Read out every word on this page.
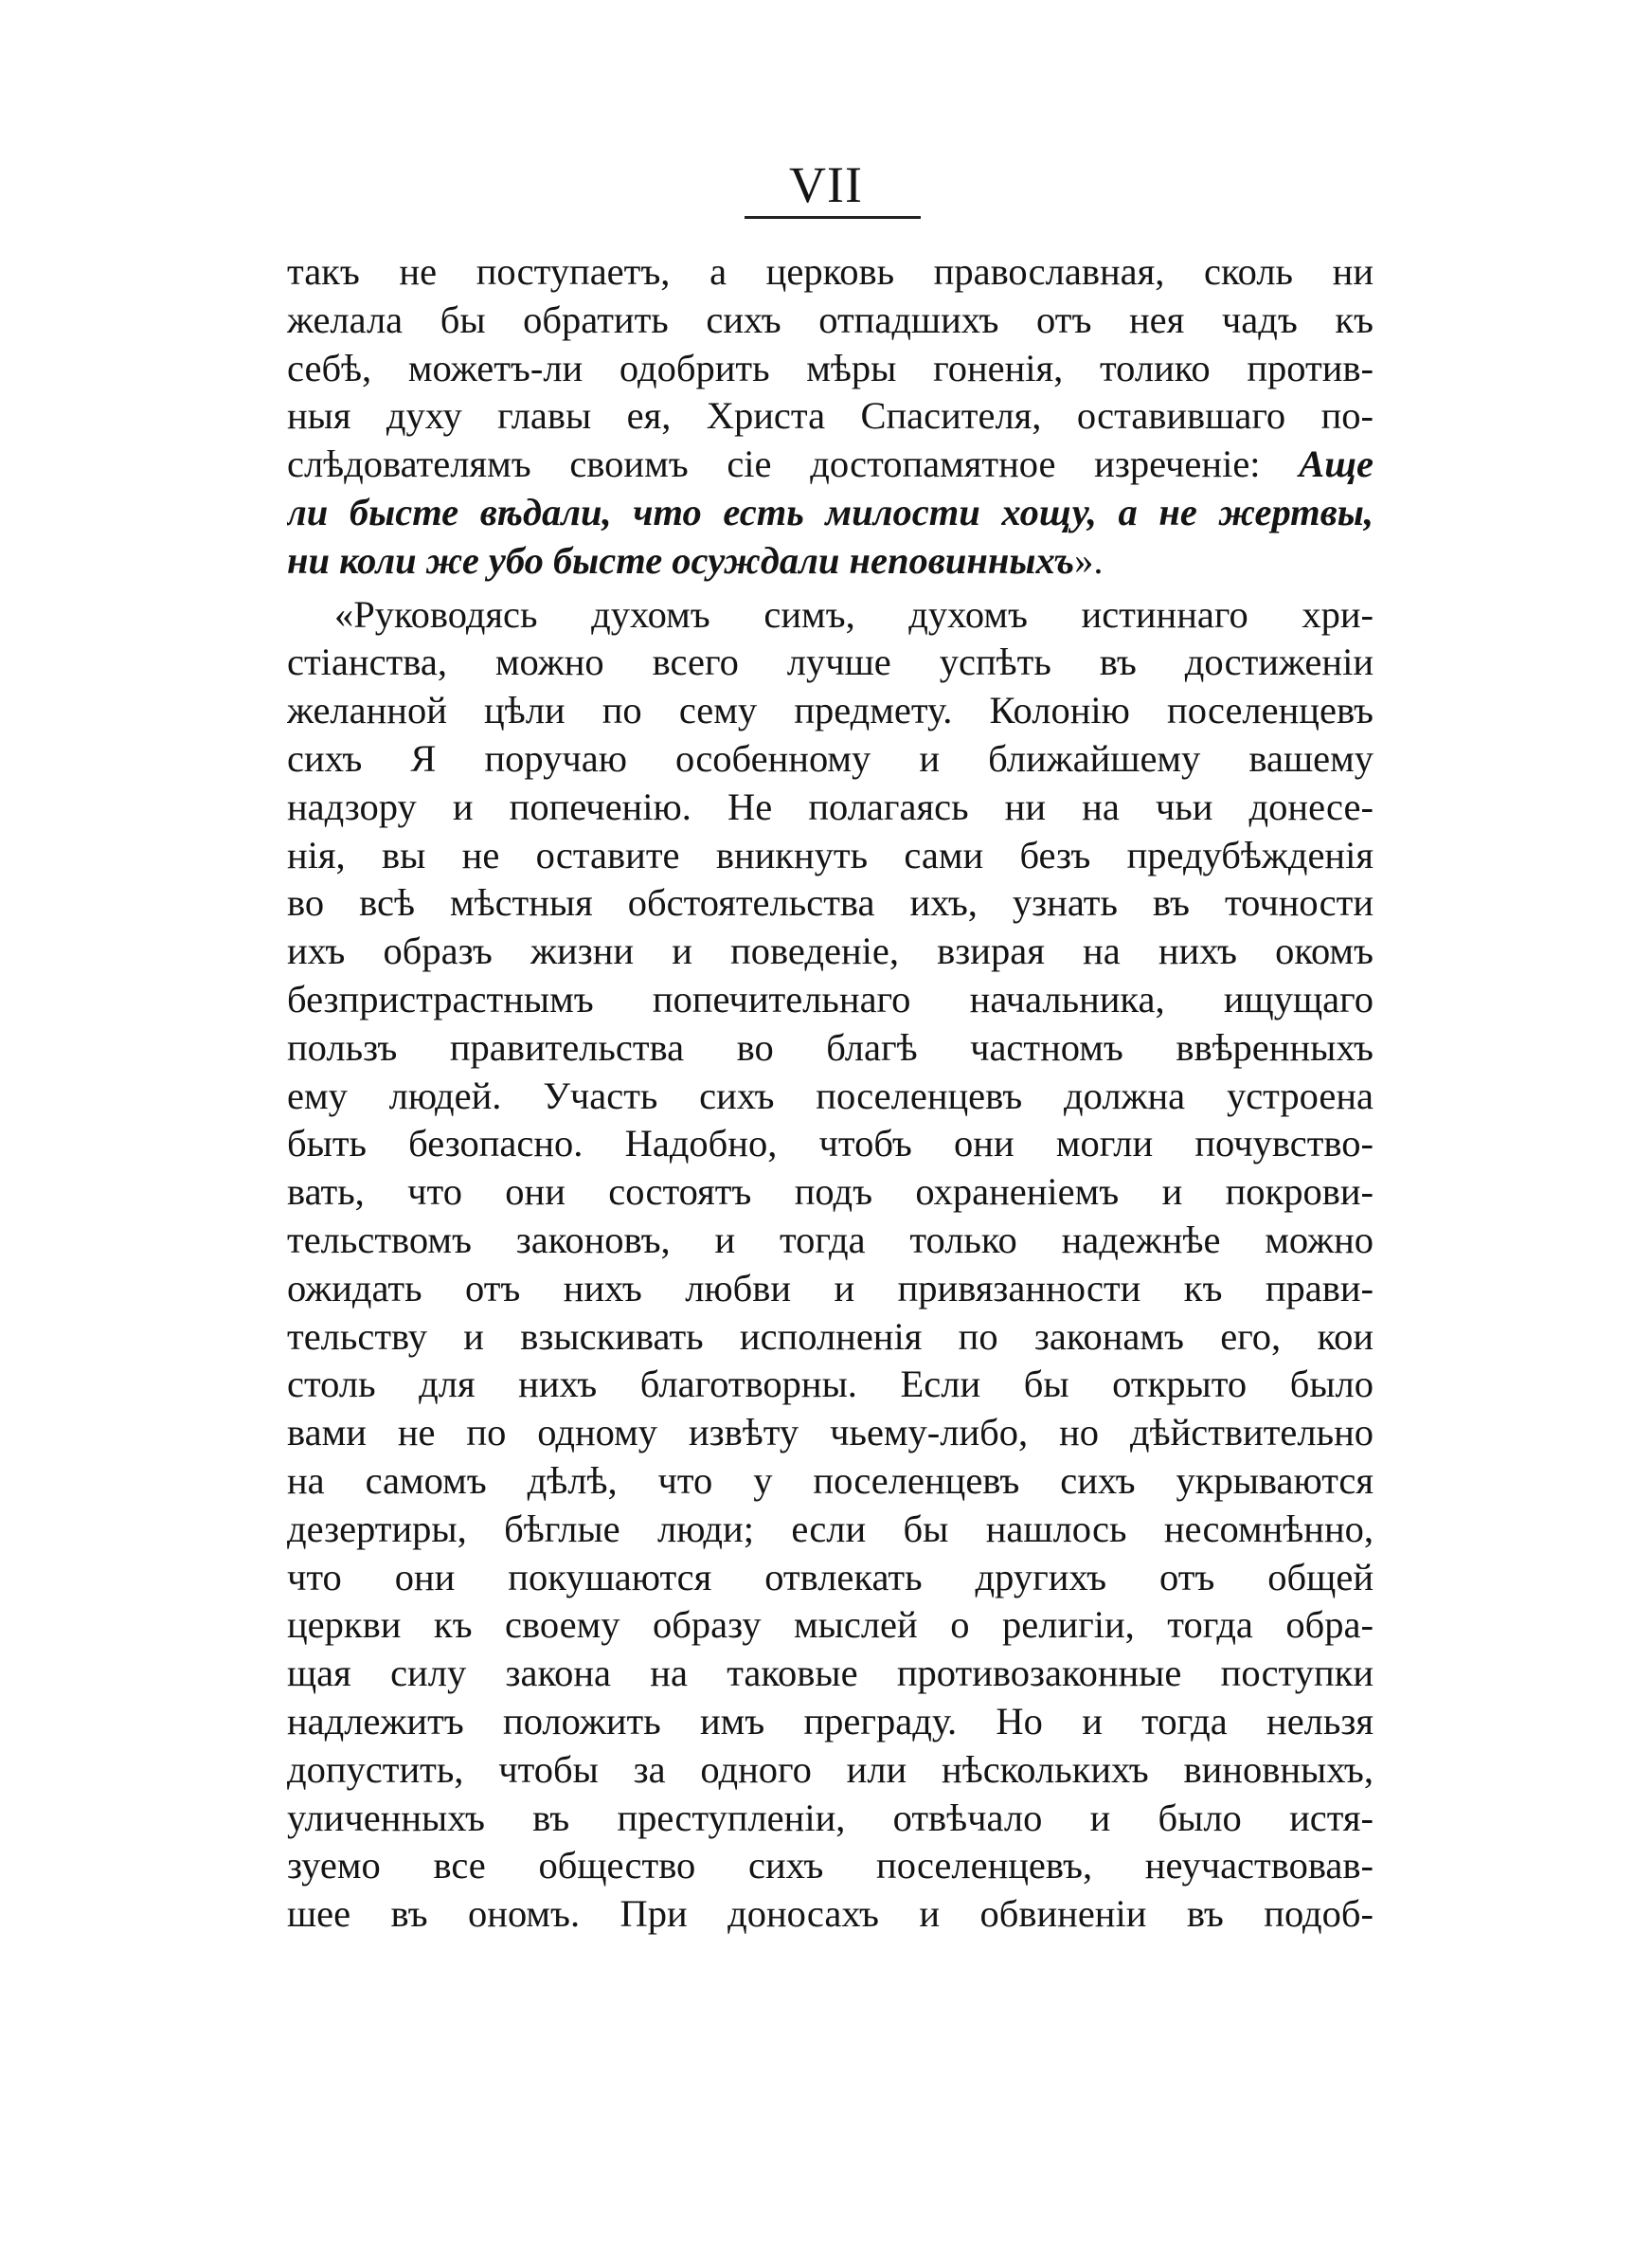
VII
такъ не поступаетъ, а церковь православная, сколь ни
желала бы обратить сихъ отпадшихъ отъ нея чадъ къ
себѣ, можетъ-ли одобрить мѣры гоненія, толико против-
ныя духу главы ея, Христа Спасителя, оставившаго по-
слѣдователямъ своимъ сіе достопамятное изреченіе: Аще
ли бысте вѣдали, что есть милости хощу, а не жертвы,
ни коли же убо бысте осуждали неповинныхъ».
«Руководясь духомъ симъ, духомъ истиннаго хри-
стіанства, можно всего лучше успѣть въ достиженіи
желанной цѣли по сему предмету. Колонію поселенцевъ
сихъ Я поручаю особенному и ближайшему вашему
надзору и попеченію. Не полагаясь ни на чьи донесе-
нія, вы не оставите вникнуть сами безъ предубѣжденія
во всѣ мѣстныя обстоятельства ихъ, узнать въ точности
ихъ образъ жизни и поведеніе, взирая на нихъ окомъ
безпристрастнымъ попечительнаго начальника, ищущаго
пользъ правительства во благѣ частномъ ввѣренныхъ
ему людей. Участь сихъ поселенцевъ должна устроена
быть безопасно. Надобно, чтобъ они могли почувство-
вать, что они состоятъ подъ охраненіемъ и покрови-
тельствомъ законовъ, и тогда только надежнѣе можно
ожидать отъ нихъ любви и привязанности къ прави-
тельству и взыскивать исполненія по законамъ его, кои
столь для нихъ благотворны. Если бы открыто было
вами не по одному извѣту чьему-либо, но дѣйствительно
на самомъ дѣлѣ, что у поселенцевъ сихъ укрываются
дезертиры, бѣглые люди; если бы нашлось несомнѣнно,
что они покушаются отвлекать другихъ отъ общей
церкви къ своему образу мыслей о религіи, тогда обра-
щая силу закона на таковые противозаконные поступки
надлежитъ положить имъ преграду. Но и тогда нельзя
допустить, чтобы за одного или нѣсколькихъ виновныхъ,
уличенныхъ въ преступленіи, отвѣчало и было истя-
зуемо все общество сихъ поселенцевъ, неучаствовав-
шее въ ономъ. При доносахъ и обвиненіи въ подоб-
